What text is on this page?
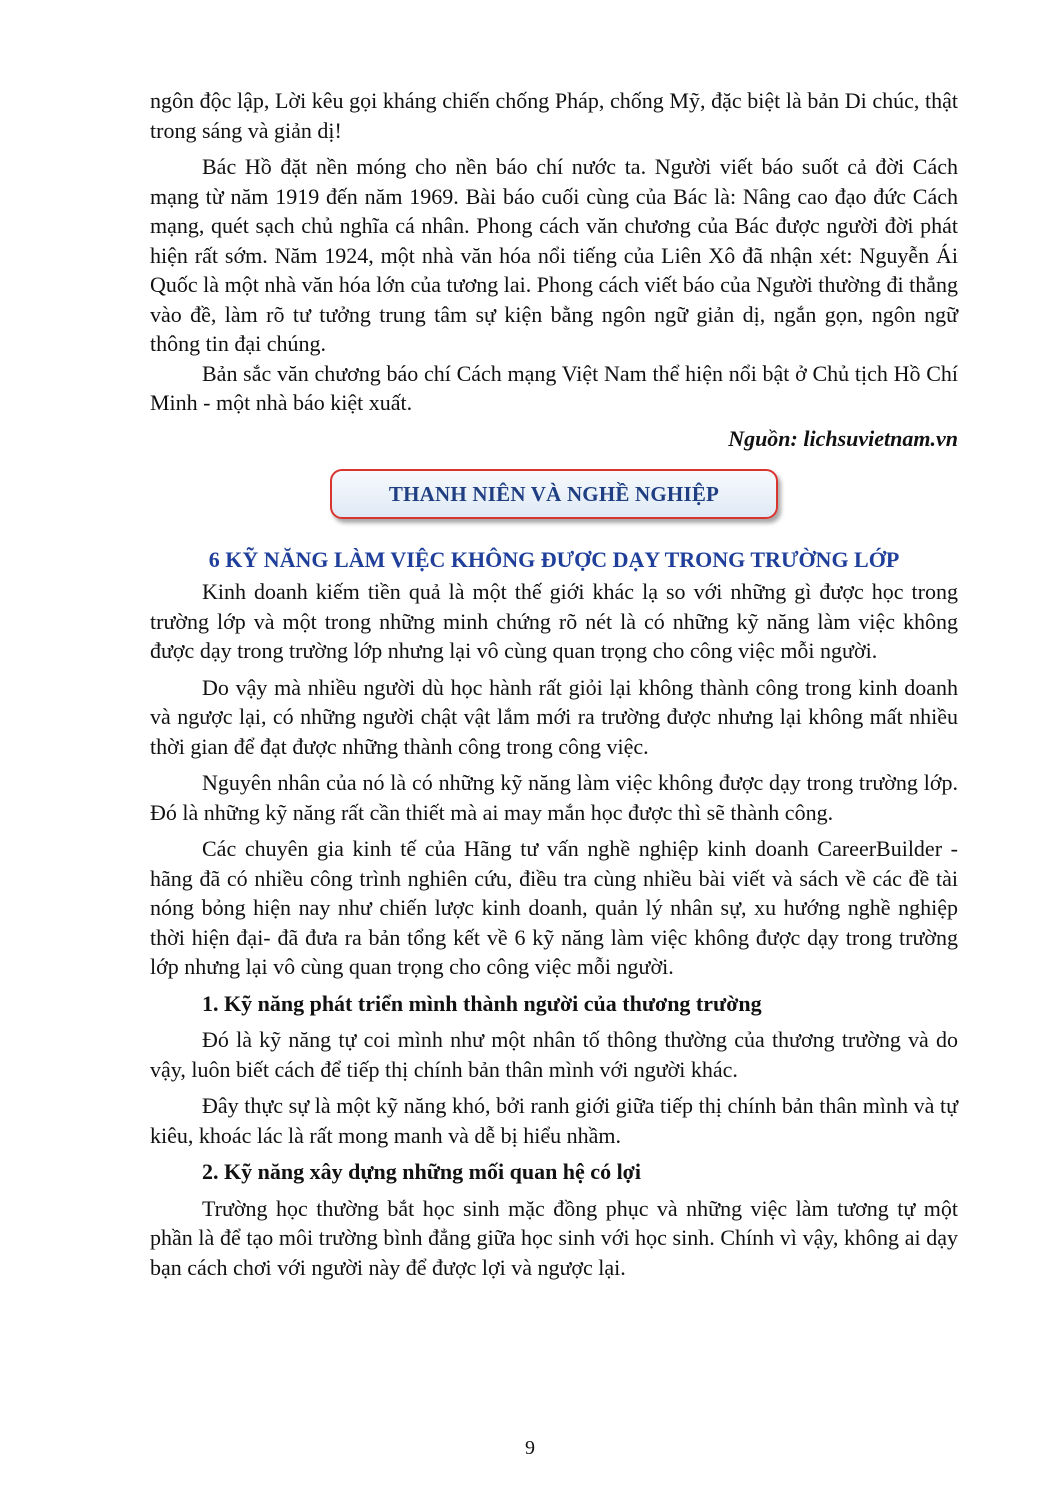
ngôn độc lập, Lời kêu gọi kháng chiến chống Pháp, chống Mỹ, đặc biệt là bản Di chúc, thật trong sáng và giản dị!

Bác Hồ đặt nền móng cho nền báo chí nước ta. Người viết báo suốt cả đời Cách mạng từ năm 1919 đến năm 1969. Bài báo cuối cùng của Bác là: Nâng cao đạo đức Cách mạng, quét sạch chủ nghĩa cá nhân. Phong cách văn chương của Bác được người đời phát hiện rất sớm. Năm 1924, một nhà văn hóa nổi tiếng của Liên Xô đã nhận xét: Nguyễn Ái Quốc là một nhà văn hóa lớn của tương lai. Phong cách viết báo của Người thường đi thẳng vào đề, làm rõ tư tưởng trung tâm sự kiện bằng ngôn ngữ giản dị, ngắn gọn, ngôn ngữ thông tin đại chúng.

Bản sắc văn chương báo chí Cách mạng Việt Nam thể hiện nổi bật ở Chủ tịch Hồ Chí Minh - một nhà báo kiệt xuất.

Nguồn: lichsuvietnam.vn

THANH NIÊN VÀ NGHỀ NGHIỆP
6 KỸ NĂNG LÀM VIỆC KHÔNG ĐƯỢC DẠY TRONG TRƯỜNG LỚP

Kinh doanh kiếm tiền quả là một thế giới khác lạ so với những gì được học trong trường lớp và một trong những minh chứng rõ nét là có những kỹ năng làm việc không được dạy trong trường lớp nhưng lại vô cùng quan trọng cho công việc mỗi người.

Do vậy mà nhiều người dù học hành rất giỏi lại không thành công trong kinh doanh và ngược lại, có những người chật vật lắm mới ra trường được nhưng lại không mất nhiều thời gian để đạt được những thành công trong công việc.

Nguyên nhân của nó là có những kỹ năng làm việc không được dạy trong trường lớp. Đó là những kỹ năng rất cần thiết mà ai may mắn học được thì sẽ thành công.

Các chuyên gia kinh tế của Hãng tư vấn nghề nghiệp kinh doanh CareerBuilder - hãng đã có nhiều công trình nghiên cứu, điều tra cùng nhiều bài viết và sách về các đề tài nóng bỏng hiện nay như chiến lược kinh doanh, quản lý nhân sự, xu hướng nghề nghiệp thời hiện đại- đã đưa ra bản tổng kết về 6 kỹ năng làm việc không được dạy trong trường lớp nhưng lại vô cùng quan trọng cho công việc mỗi người.

1. Kỹ năng phát triển mình thành người của thương trường

Đó là kỹ năng tự coi mình như một nhân tố thông thường của thương trường và do vậy, luôn biết cách để tiếp thị chính bản thân mình với người khác.

Đây thực sự là một kỹ năng khó, bởi ranh giới giữa tiếp thị chính bản thân mình và tự kiêu, khoác lác là rất mong manh và dễ bị hiểu nhầm.

2. Kỹ năng xây dựng những mối quan hệ có lợi

Trường học thường bắt học sinh mặc đồng phục và những việc làm tương tự một phần là để tạo môi trường bình đẳng giữa học sinh với học sinh. Chính vì vậy, không ai dạy bạn cách chơi với người này để được lợi và ngược lại.

9
